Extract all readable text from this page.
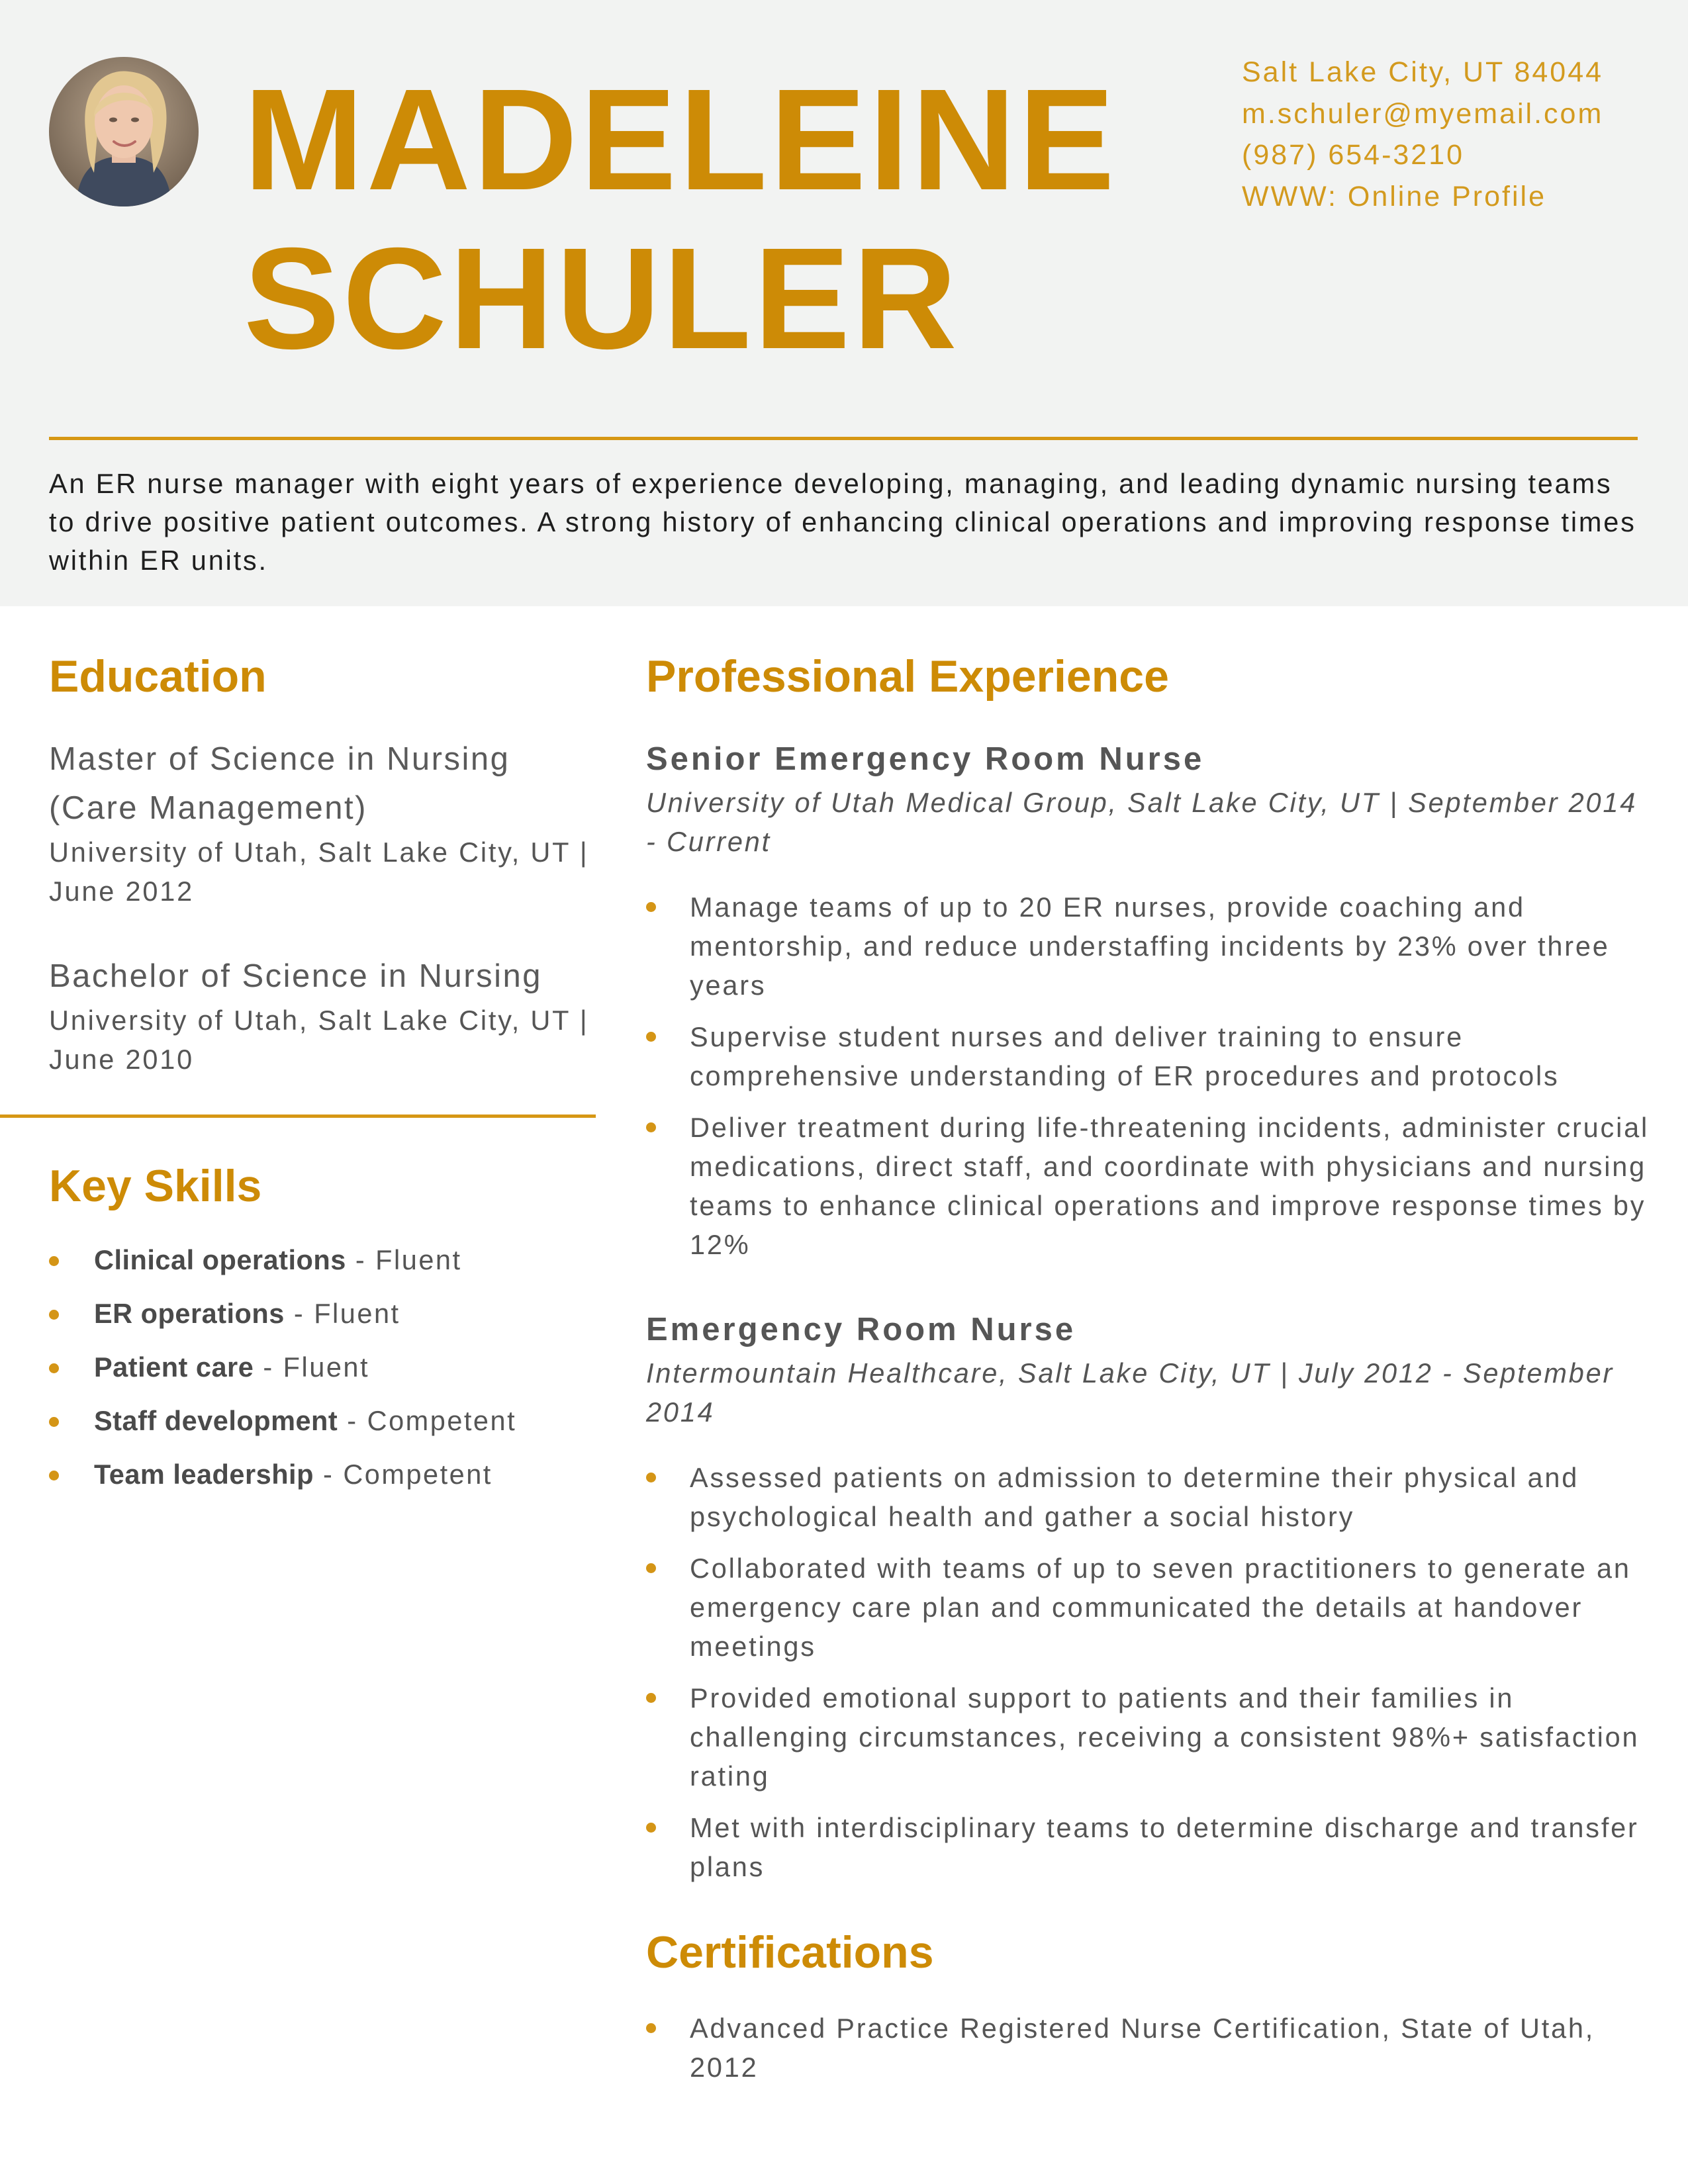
MADELEINE
SCHULER
Salt Lake City, UT 84044
m.schuler@myemail.com
(987) 654-3210
WWW: Online Profile
An ER nurse manager with eight years of experience developing, managing, and leading dynamic nursing teams to drive positive patient outcomes. A strong history of enhancing clinical operations and improving response times within ER units.
Education
Master of Science in Nursing (Care Management)
University of Utah, Salt Lake City, UT | June 2012
Bachelor of Science in Nursing
University of Utah, Salt Lake City, UT | June 2010
Key Skills
Clinical operations - Fluent
ER operations - Fluent
Patient care - Fluent
Staff development - Competent
Team leadership - Competent
Professional Experience
Senior Emergency Room Nurse
University of Utah Medical Group, Salt Lake City, UT | September 2014 - Current
Manage teams of up to 20 ER nurses, provide coaching and mentorship, and reduce understaffing incidents by 23% over three years
Supervise student nurses and deliver training to ensure comprehensive understanding of ER procedures and protocols
Deliver treatment during life-threatening incidents, administer crucial medications, direct staff, and coordinate with physicians and nursing teams to enhance clinical operations and improve response times by 12%
Emergency Room Nurse
Intermountain Healthcare, Salt Lake City, UT | July 2012 - September 2014
Assessed patients on admission to determine their physical and psychological health and gather a social history
Collaborated with teams of up to seven practitioners to generate an emergency care plan and communicated the details at handover meetings
Provided emotional support to patients and their families in challenging circumstances, receiving a consistent 98%+ satisfaction rating
Met with interdisciplinary teams to determine discharge and transfer plans
Certifications
Advanced Practice Registered Nurse Certification, State of Utah, 2012
